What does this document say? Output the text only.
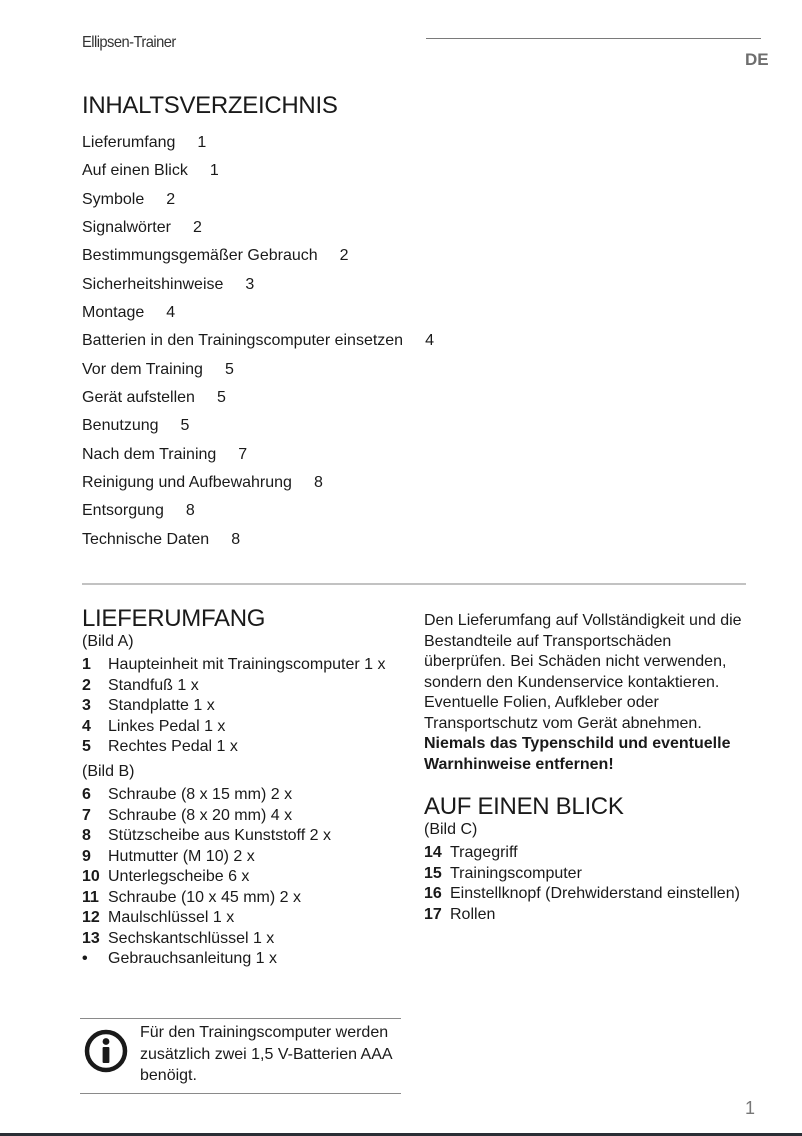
Ellipsen-Trainer
DE
INHALTSVERZEICHNIS
Lieferumfang 1
Auf einen Blick 1
Symbole 2
Signalwörter 2
Bestimmungsgemäßer Gebrauch 2
Sicherheitshinweise 3
Montage 4
Batterien in den Trainingscomputer einsetzen 4
Vor dem Training 5
Gerät aufstellen 5
Benutzung 5
Nach dem Training 7
Reinigung und Aufbewahrung 8
Entsorgung 8
Technische Daten 8
LIEFERUMFANG
(Bild A)
1	Haupteinheit mit Trainingscomputer 1 x
2	Standfuß 1 x
3	Standplatte 1 x
4	Linkes Pedal 1 x
5	Rechtes Pedal 1 x
(Bild B)
6	Schraube (8 x 15 mm) 2 x
7	Schraube (8 x 20 mm) 4 x
8	Stützscheibe aus Kunststoff 2 x
9	Hutmutter (M 10) 2 x
10 Unterlegscheibe 6 x
11 Schraube (10 x 45 mm) 2 x
12 Maulschlüssel 1 x
13 Sechskantschlüssel 1 x
•	Gebrauchsanleitung 1 x
Für den Trainingscomputer werden zusätzlich zwei 1,5 V-Batterien AAA benöigt.
Den Lieferumfang auf Vollständigkeit und die Bestandteile auf Transportschäden überprüfen. Bei Schäden nicht verwenden, sondern den Kundenservice kontaktieren.
Eventuelle Folien, Aufkleber oder Transportschutz vom Gerät abnehmen.
Niemals das Typenschild und eventuelle Warnhinweise entfernen!
AUF EINEN BLICK
(Bild C)
14 Tragegriff
15 Trainingscomputer
16 Einstellknopf (Drehwiderstand einstellen)
17 Rollen
1
